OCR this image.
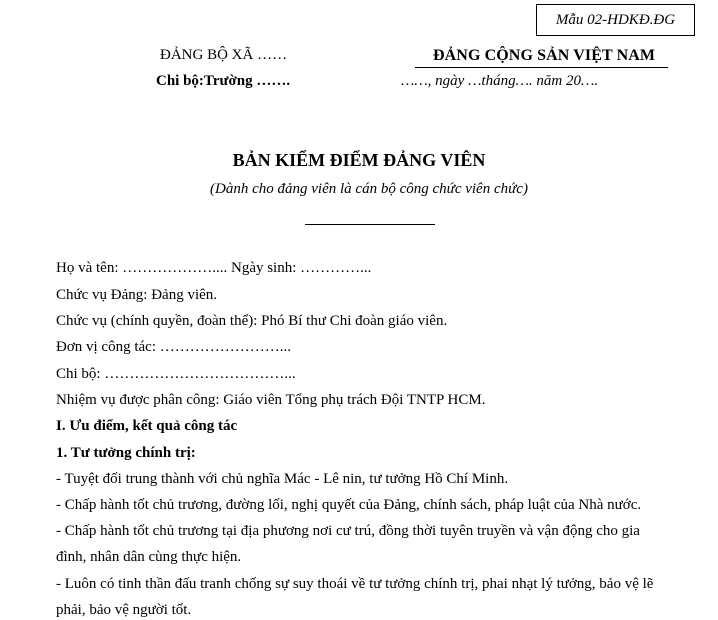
Mẫu 02-HDKĐ.ĐG
ĐẢNG BỘ XÃ ……
Chi bộ:Trường …….
ĐẢNG CỘNG SẢN VIỆT NAM
……, ngày …tháng…. năm 20….
BẢN KIỂM ĐIỂM ĐẢNG VIÊN
(Dành cho đảng viên là cán bộ công chức viên chức)
Họ và tên: ……………….... Ngày sinh: …………...
Chức vụ Đảng: Đảng viên.
Chức vụ (chính quyền, đoàn thể): Phó Bí thư Chi đoàn giáo viên.
Đơn vị công tác: ……………………...
Chi bộ: ………………………………...
Nhiệm vụ được phân công: Giáo viên Tổng phụ trách Đội TNTP HCM.
I. Ưu điểm, kết quả công tác
1. Tư tưởng chính trị:
- Tuyệt đối trung thành với chủ nghĩa Mác - Lê nin, tư tưởng Hồ Chí Minh.
- Chấp hành tốt chủ trương, đường lối, nghị quyết của Đảng, chính sách, pháp luật của Nhà nước.
- Chấp hành tốt chủ trương tại địa phương nơi cư trú, đồng thời tuyên truyền và vận động cho gia
đình, nhân dân cùng thực hiện.
- Luôn có tinh thần đấu tranh chống sự suy thoái về tư tưởng chính trị, phai nhạt lý tưởng, bảo vệ lẽ
phải, bảo vệ người tốt.
